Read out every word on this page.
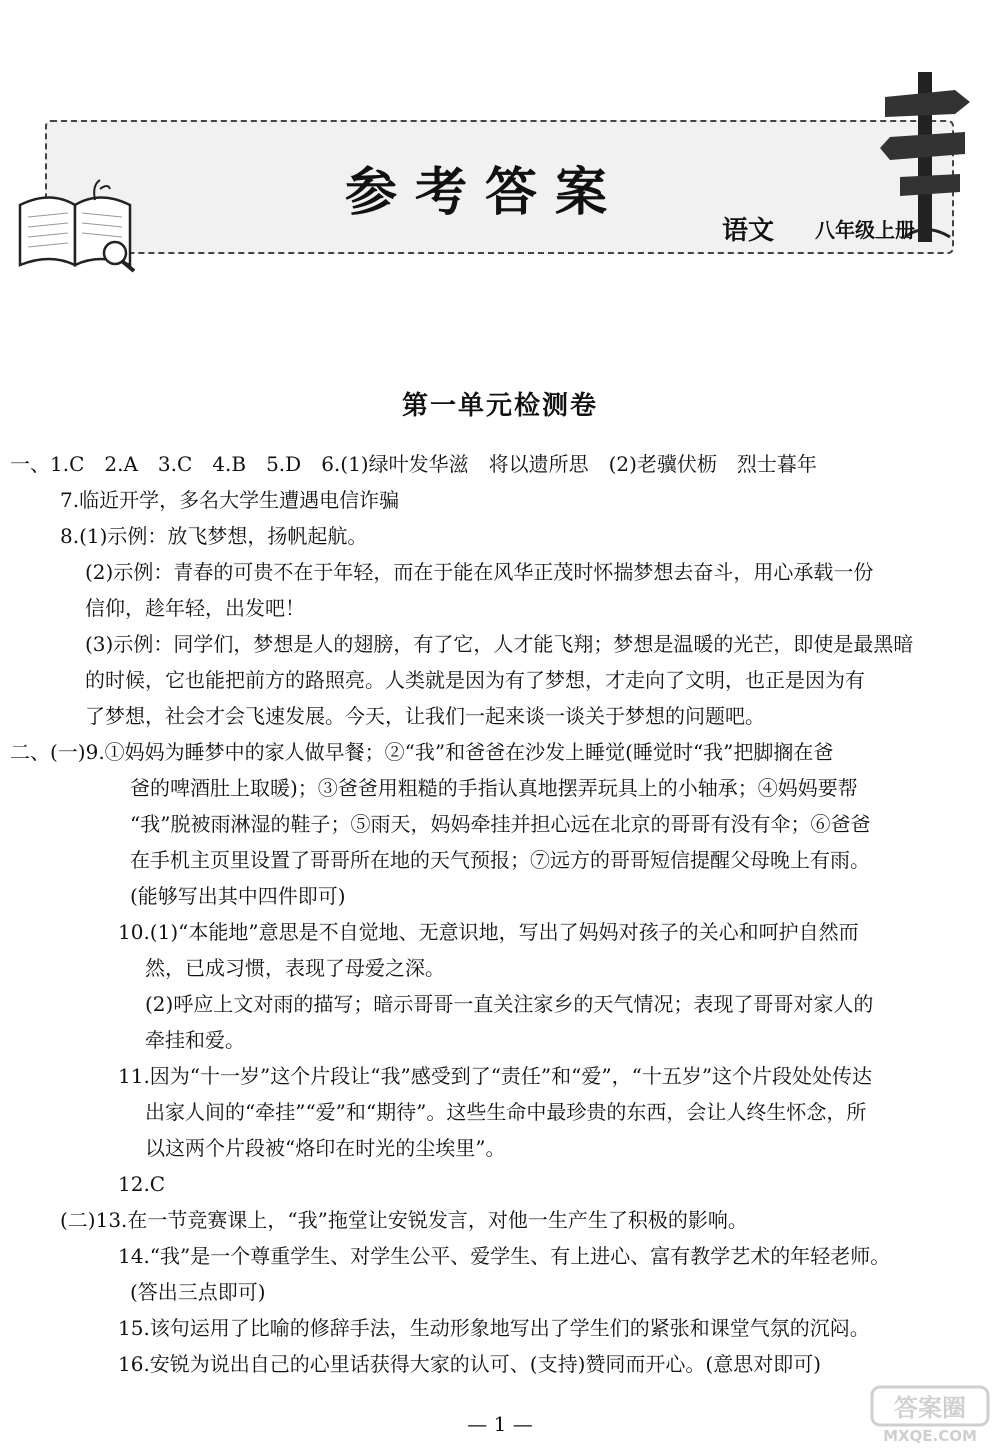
参考答案
语文 八年级上册
第一单元检测卷
一、1.C　2.A　3.C　4.B　5.D　6.(1)绿叶发华滋　将以遗所思　(2)老骥伏枥　烈士暮年
7.临近开学，多名大学生遭遇电信诈骗
8.(1)示例：放飞梦想，扬帆起航。
(2)示例：青春的可贵不在于年轻，而在于能在风华正茂时怀揣梦想去奋斗，用心承载一份
信仰，趁年轻，出发吧！
(3)示例：同学们，梦想是人的翅膀，有了它，人才能飞翔；梦想是温暖的光芒，即使是最黑暗
的时候，它也能把前方的路照亮。人类就是因为有了梦想，才走向了文明，也正是因为有
了梦想，社会才会飞速发展。今天，让我们一起来谈一谈关于梦想的问题吧。
二、(一)9.①妈妈为睡梦中的家人做早餐；②“我”和爸爸在沙发上睡觉(睡觉时“我”把脚搁在爸
爸的啤酒肚上取暖)；③爸爸用粗糙的手指认真地摆弄玩具上的小轴承；④妈妈要帮
“我”脱被雨淋湿的鞋子；⑤雨天，妈妈牵挂并担心远在北京的哥哥有没有伞；⑥爸爸
在手机主页里设置了哥哥所在地的天气预报；⑦远方的哥哥短信提醒父母晚上有雨。
(能够写出其中四件即可)
10.(1)“本能地”意思是不自觉地、无意识地，写出了妈妈对孩子的关心和呵护自然而
然，已成习惯，表现了母爱之深。
(2)呼应上文对雨的描写；暗示哥哥一直关注家乡的天气情况；表现了哥哥对家人的
牵挂和爱。
11.因为“十一岁”这个片段让“我”感受到了“责任”和“爱”，“十五岁”这个片段处处传达
出家人间的“牵挂”“爱”和“期待”。这些生命中最珍贵的东西，会让人终生怀念，所
以这两个片段被“烙印在时光的尘埃里”。
12.C
(二)13.在一节竞赛课上，“我”拖堂让安锐发言，对他一生产生了积极的影响。
14.“我”是一个尊重学生、对学生公平、爱学生、有上进心、富有教学艺术的年轻老师。
(答出三点即可)
15.该句运用了比喻的修辞手法，生动形象地写出了学生们的紧张和课堂气氛的沉闷。
16.安锐为说出自己的心里话获得大家的认可、(支持)赞同而开心。(意思对即可)
— 1 —
答案圈
MXQE.COM
